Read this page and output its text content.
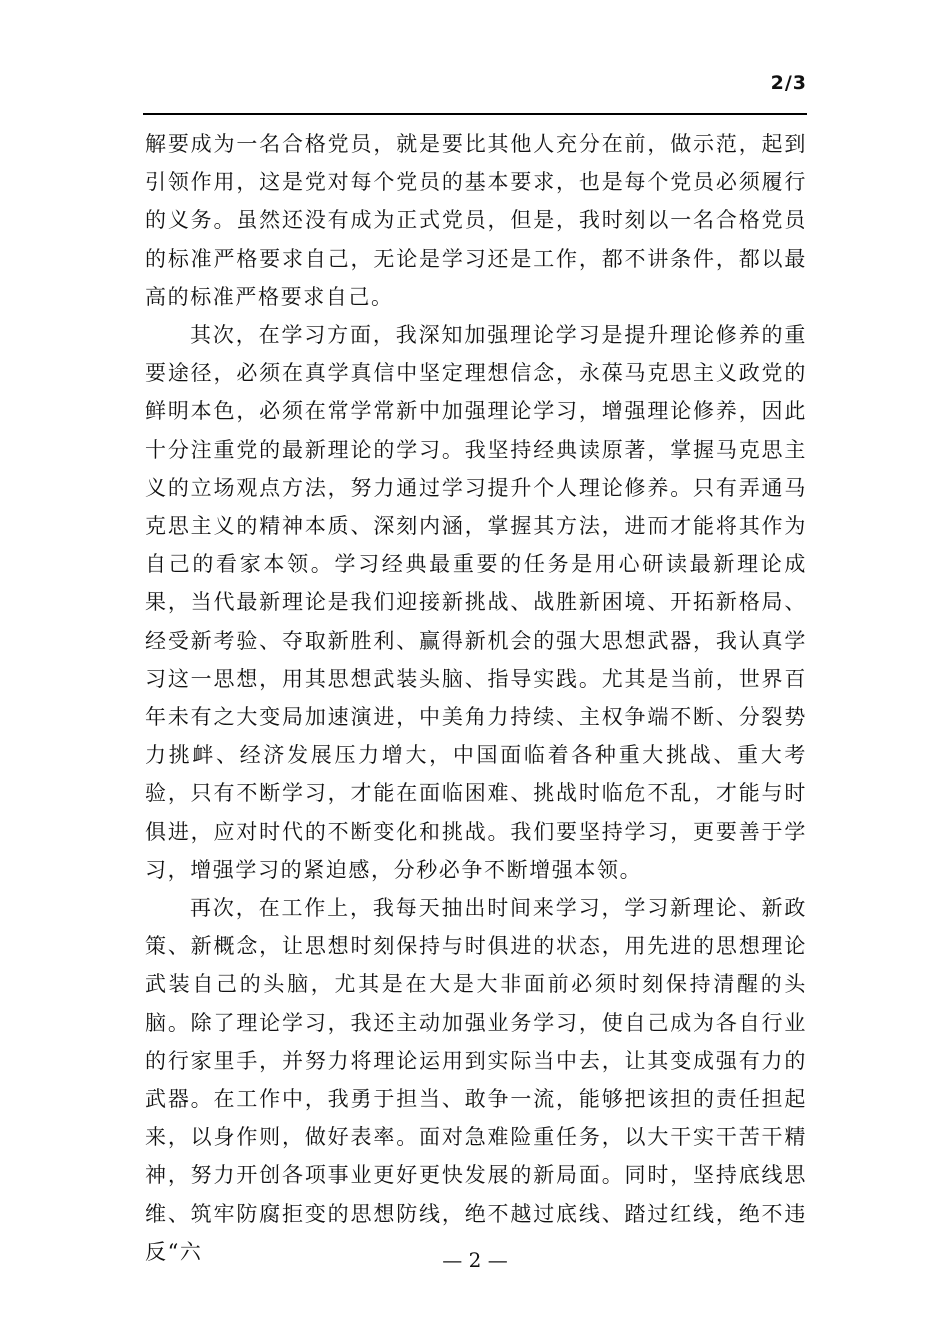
2/3

解要成为一名合格党员，就是要比其他人充分在前，做示范，起到引领作用，这是党对每个党员的基本要求，也是每个党员必须履行的义务。虽然还没有成为正式党员，但是，我时刻以一名合格党员的标准严格要求自己，无论是学习还是工作，都不讲条件，都以最高的标准严格要求自己。

其次，在学习方面，我深知加强理论学习是提升理论修养的重要途径，必须在真学真信中坚定理想信念，永葆马克思主义政党的鲜明本色，必须在常学常新中加强理论学习，增强理论修养，因此十分注重党的最新理论的学习。我坚持经典读原著，掌握马克思主义的立场观点方法，努力通过学习提升个人理论修养。只有弄通马克思主义的精神本质、深刻内涵，掌握其方法，进而才能将其作为自己的看家本领。学习经典最重要的任务是用心研读最新理论成果，当代最新理论是我们迎接新挑战、战胜新困境、开拓新格局、经受新考验、夺取新胜利、赢得新机会的强大思想武器，我认真学习这一思想，用其思想武装头脑、指导实践。尤其是当前，世界百年未有之大变局加速演进，中美角力持续、主权争端不断、分裂势力挑衅、经济发展压力增大，中国面临着各种重大挑战、重大考验，只有不断学习，才能在面临困难、挑战时临危不乱，才能与时俱进，应对时代的不断变化和挑战。我们要坚持学习，更要善于学习，增强学习的紧迫感，分秒必争不断增强本领。

再次，在工作上，我每天抽出时间来学习，学习新理论、新政策、新概念，让思想时刻保持与时俱进的状态，用先进的思想理论武装自己的头脑，尤其是在大是大非面前必须时刻保持清醒的头脑。除了理论学习，我还主动加强业务学习，使自己成为各自行业的行家里手，并努力将理论运用到实际当中去，让其变成强有力的武器。在工作中，我勇于担当、敢争一流，能够把该担的责任担起来，以身作则，做好表率。面对急难险重任务，以大干实干苦干精神，努力开创各项事业更好更快发展的新局面。同时，坚持底线思维、筑牢防腐拒变的思想防线，绝不越过底线、踏过红线，绝不违反“六	— 2 —
